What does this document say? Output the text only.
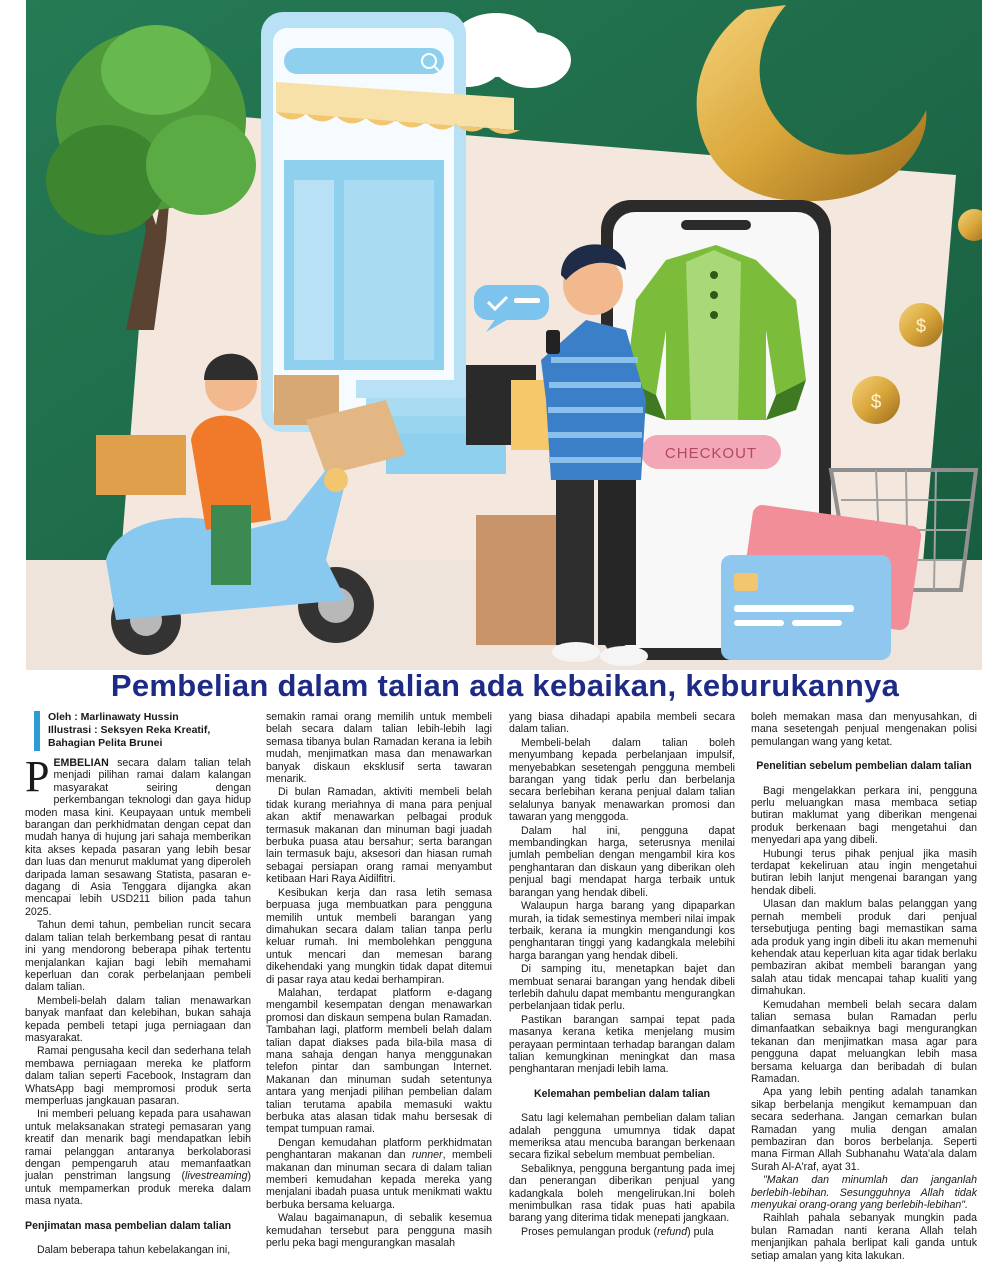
CHECKOUT
$
$
Pembelian dalam talian ada kebaikan, keburukannya
Oleh : Marlinawaty Hussin
Illustrasi : Seksyen Reka Kreatif,
Bahagian Pelita Brunei

PEMBELIAN secara dalam talian telah menjadi pilihan ramai dalam kalangan masyarakat seiring dengan perkembangan teknologi dan gaya hidup moden masa kini. Keupayaan untuk membeli barangan dan perkhidmatan dengan cepat dan mudah hanya di hujung jari sahaja memberikan kita akses kepada pasaran yang lebih besar dan luas dan menurut maklumat yang diperoleh daripada laman sesawang Statista, pasaran e-dagang di Asia Tenggara dijangka akan mencapai lebih USD211 bilion pada tahun 2025.

Tahun demi tahun, pembelian runcit secara dalam talian telah berkembang pesat di rantau ini yang mendorong beberapa pihak tertentu menjalankan kajian bagi lebih memahami keperluan dan corak perbelanjaan pembeli dalam talian.

Membeli-belah dalam talian menawarkan banyak manfaat dan kelebihan, bukan sahaja kepada pembeli tetapi juga perniagaan dan masyarakat.

Ramai pengusaha kecil dan sederhana telah membawa perniagaan mereka ke platform dalam talian seperti Facebook, Instagram dan WhatsApp bagi mempromosi produk serta memperluas jangkauan pasaran.

Ini memberi peluang kepada para usahawan untuk melaksanakan strategi pemasaran yang kreatif dan menarik bagi mendapatkan lebih ramai pelanggan antaranya berkolaborasi dengan pempengaruh atau memanfaatkan jualan penstriman langsung (livestreaming) untuk mempamerkan produk mereka dalam masa nyata.

Penjimatan masa pembelian dalam talian

Dalam beberapa tahun kebelakangan ini,

semakin ramai orang memilih untuk membeli belah secara dalam talian lebih-lebih lagi semasa tibanya bulan Ramadan kerana ia lebih mudah, menjimatkan masa dan menawarkan banyak diskaun eksklusif serta tawaran menarik.

Di bulan Ramadan, aktiviti membeli belah tidak kurang meriahnya di mana para penjual akan aktif menawarkan pelbagai produk termasuk makanan dan minuman bagi juadah berbuka puasa atau bersahur; serta barangan lain termasuk baju, aksesori dan hiasan rumah sebagai persiapan orang ramai menyambut ketibaan Hari Raya Aidilfitri.

Kesibukan kerja dan rasa letih semasa berpuasa juga membuatkan para pengguna memilih untuk membeli barangan yang dimahukan secara dalam talian tanpa perlu keluar rumah. Ini membolehkan pengguna untuk mencari dan memesan barang dikehendaki yang mungkin tidak dapat ditemui di pasar raya atau kedai berhampiran.

Malahan, terdapat platform e-dagang mengambil kesempatan dengan menawarkan promosi dan diskaun sempena bulan Ramadan. Tambahan lagi, platform membeli belah dalam talian dapat diakses pada bila-bila masa di mana sahaja dengan hanya menggunakan telefon pintar dan sambungan Internet. Makanan dan minuman sudah setentunya antara yang menjadi pilihan pembelian dalam talian terutama apabila memasuki waktu berbuka atas alasan tidak mahu bersesak di tempat tumpuan ramai.

Dengan kemudahan platform perkhidmatan penghantaran makanan dan runner, membeli makanan dan minuman secara di dalam talian memberi kemudahan kepada mereka yang menjalani ibadah puasa untuk menikmati waktu berbuka bersama keluarga.

Walau bagaimanapun, di sebalik kesemua kemudahan tersebut para pengguna masih perlu peka bagi mengurangkan masalah

yang biasa dihadapi apabila membeli secara dalam talian.

Membeli-belah dalam talian boleh menyumbang kepada perbelanjaan impulsif, menyebabkan sesetengah pengguna membeli barangan yang tidak perlu dan berbelanja secara berlebihan kerana penjual dalam talian selalunya banyak menawarkan promosi dan tawaran yang menggoda.

Dalam hal ini, pengguna dapat membandingkan harga, seterusnya menilai jumlah pembelian dengan mengambil kira kos penghantaran dan diskaun yang diberikan oleh penjual bagi mendapat harga terbaik untuk barangan yang hendak dibeli.

Walaupun harga barang yang dipaparkan murah, ia tidak semestinya memberi nilai impak terbaik, kerana ia mungkin mengandungi kos penghantaran tinggi yang kadangkala melebihi harga barangan yang hendak dibeli.

Di samping itu, menetapkan bajet dan membuat senarai barangan yang hendak dibeli terlebih dahulu dapat membantu mengurangkan perbelanjaan tidak perlu.

Pastikan barangan sampai tepat pada masanya kerana ketika menjelang musim perayaan permintaan terhadap barangan dalam talian kemungkinan meningkat dan masa penghantaran menjadi lebih lama.

Kelemahan pembelian dalam talian

Satu lagi kelemahan pembelian dalam talian adalah pengguna umumnya tidak dapat memeriksa atau mencuba barangan berkenaan secara fizikal sebelum membuat pembelian.

Sebaliknya, pengguna bergantung pada imej dan penerangan diberikan penjual yang kadangkala boleh mengelirukan.Ini boleh menimbulkan rasa tidak puas hati apabila barang yang diterima tidak menepati jangkaan.

Proses pemulangan produk (refund) pula

boleh memakan masa dan menyusahkan, di mana sesetengah penjual mengenakan polisi pemulangan wang yang ketat.

Penelitian sebelum pembelian dalam talian

Bagi mengelakkan perkara ini, pengguna perlu meluangkan masa membaca setiap butiran maklumat yang diberikan mengenai produk berkenaan bagi mengetahui dan menyedari apa yang dibeli.

Hubungi terus pihak penjual jika masih terdapat kekeliruan atau ingin mengetahui butiran lebih lanjut mengenai barangan yang hendak dibeli.

Ulasan dan maklum balas pelanggan yang pernah membeli produk dari penjual tersebutjuga penting bagi memastikan sama ada produk yang ingin dibeli itu akan memenuhi kehendak atau keperluan kita agar tidak berlaku pembaziran akibat membeli barangan yang salah atau tidak mencapai tahap kualiti yang dimahukan.

Kemudahan membeli belah secara dalam talian semasa bulan Ramadan perlu dimanfaatkan sebaiknya bagi mengurangkan tekanan dan menjimatkan masa agar para pengguna dapat meluangkan lebih masa bersama keluarga dan beribadah di bulan Ramadan.

Apa yang lebih penting adalah tanamkan sikap berbelanja mengikut kemampuan dan secara sederhana. Jangan cemarkan bulan Ramadan yang mulia dengan amalan pembaziran dan boros berbelanja. Seperti mana Firman Allah Subhanahu Wata'ala dalam Surah Al-A'raf, ayat 31.

"Makan dan minumlah dan janganlah berlebih-lebihan. Sesungguhnya Allah tidak menyukai orang-orang yang berlebih-lebihan".

Raihlah pahala sebanyak mungkin pada bulan Ramadan nanti kerana Allah telah menjanjikan pahala berlipat kali ganda untuk setiap amalan yang kita lakukan.
